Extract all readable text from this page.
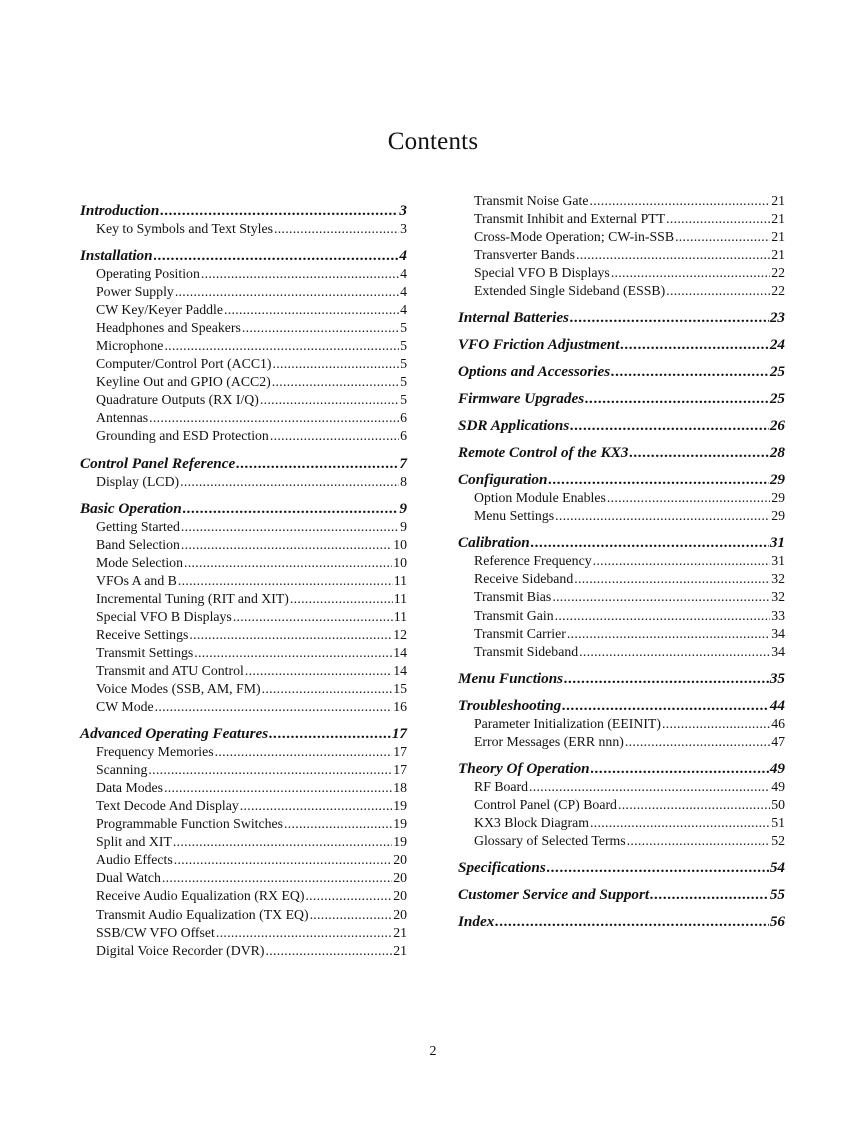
Contents
Introduction .....	3
Key to Symbols and Text Styles .....	3
Installation .....	4
Operating Position .....	4
Power Supply .....	4
CW Key/Keyer Paddle .....	4
Headphones and Speakers .....	5
Microphone .....	5
Computer/Control Port (ACC1) .....	5
Keyline Out and GPIO (ACC2) .....	5
Quadrature Outputs (RX I/Q) .....	5
Antennas .....	6
Grounding and ESD Protection .....	6
Control Panel Reference .....	7
Display (LCD) .....	8
Basic Operation .....	9
Getting Started .....	9
Band Selection .....	10
Mode Selection .....	10
VFOs A and B .....	11
Incremental Tuning (RIT and XIT) .....	11
Special VFO B Displays .....	11
Receive Settings .....	12
Transmit Settings .....	14
Transmit and ATU Control .....	14
Voice Modes (SSB, AM, FM) .....	15
CW Mode .....	16
Advanced Operating Features .....	17
Frequency Memories .....	17
Scanning .....	17
Data Modes .....	18
Text Decode And Display .....	19
Programmable Function Switches .....	19
Split and XIT .....	19
Audio Effects .....	20
Dual Watch .....	20
Receive Audio Equalization (RX EQ) .....	20
Transmit Audio Equalization (TX EQ) .....	20
SSB/CW VFO Offset .....	21
Digital Voice Recorder (DVR) .....	21
Transmit Noise Gate .....	21
Transmit Inhibit and External PTT .....	21
Cross-Mode Operation; CW-in-SSB .....	21
Transverter Bands .....	21
Special VFO B Displays .....	22
Extended Single Sideband (ESSB) .....	22
Internal Batteries .....	23
VFO Friction Adjustment .....	24
Options and Accessories .....	25
Firmware Upgrades .....	25
SDR Applications .....	26
Remote Control of the KX3 .....	28
Configuration .....	29
Option Module Enables .....	29
Menu Settings .....	29
Calibration .....	31
Reference Frequency .....	31
Receive Sideband .....	32
Transmit Bias .....	32
Transmit Gain .....	33
Transmit Carrier .....	34
Transmit Sideband .....	34
Menu Functions .....	35
Troubleshooting .....	44
Parameter Initialization (EEINIT) .....	46
Error Messages (ERR nnn) .....	47
Theory Of Operation .....	49
RF Board .....	49
Control Panel (CP) Board .....	50
KX3 Block Diagram .....	51
Glossary of Selected Terms .....	52
Specifications .....	54
Customer Service and Support .....	55
Index .....	56
2
